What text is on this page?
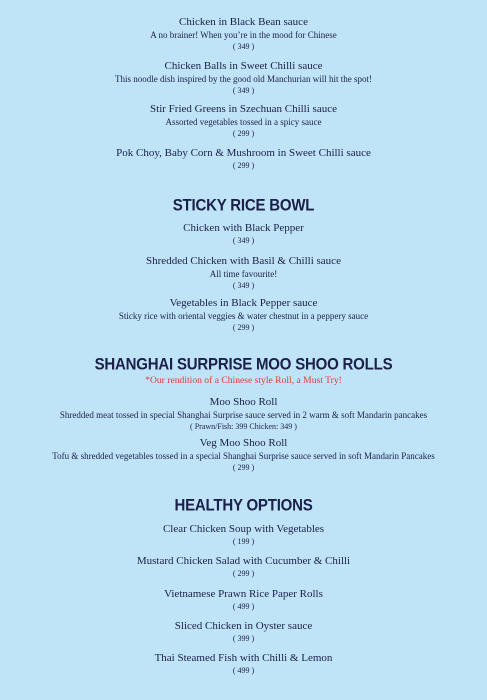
Chicken in Black Bean sauce
A no brainer! When you’re in the mood for Chinese
( 349 )
Chicken Balls in Sweet Chilli sauce
This noodle dish inspired by the good old Manchurian will hit the spot!
( 349 )
Stir Fried Greens in Szechuan Chilli sauce
Assorted vegetables tossed in a spicy sauce
( 299 )
Pok Choy, Baby Corn & Mushroom in Sweet Chilli sauce
( 299 )
STICKY RICE BOWL
Chicken with Black Pepper
( 349 )
Shredded Chicken with Basil & Chilli sauce
All time favourite!
( 349 )
Vegetables in Black Pepper sauce
Sticky rice with oriental veggies & water chestnut in a peppery sauce
( 299 )
SHANGHAI SURPRISE MOO SHOO ROLLS
*Our rendition of a Chinese style Roll, a Must Try!
Moo Shoo Roll
Shredded meat tossed in special Shanghai Surprise sauce served in 2 warm & soft Mandarin pancakes
( Prawn/Fish: 399 Chicken: 349 )
Veg Moo Shoo Roll
Tofu & shredded vegetables tossed in a special Shanghai Surprise sauce served in soft Mandarin Pancakes
( 299 )
HEALTHY OPTIONS
Clear Chicken Soup with Vegetables
( 199 )
Mustard Chicken Salad with Cucumber & Chilli
( 299 )
Vietnamese Prawn Rice Paper Rolls
( 499 )
Sliced Chicken in Oyster sauce
( 399 )
Thai Steamed Fish with Chilli & Lemon
( 499 )
